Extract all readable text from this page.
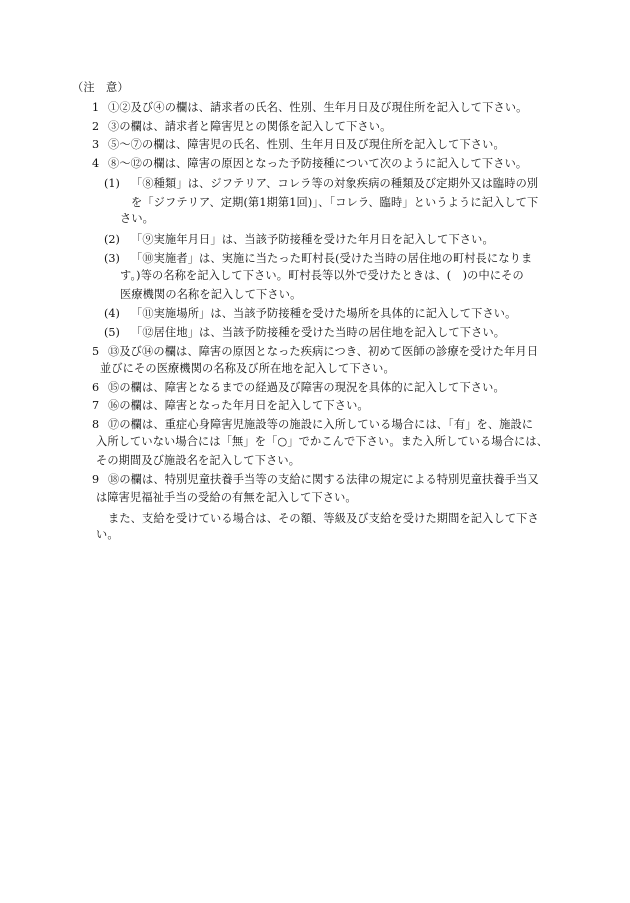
（注　意）
1 ①②及び④の欄は、請求者の氏名、性別、生年月日及び現住所を記入して下さい。
2 ③の欄は、請求者と障害児との関係を記入して下さい。
3 ⑤～⑦の欄は、障害児の氏名、性別、生年月日及び現住所を記入して下さい。
4 ⑧～⑫の欄は、障害の原因となった予防接種について次のように記入して下さい。
(1) 「⑧種類」は、ジフテリア、コレラ等の対象疾病の種類及び定期外又は臨時の別
を「ジフテリア、定期(第1期第1回)」、「コレラ、臨時」というように記入して下
さい。
(2) 「⑨実施年月日」は、当該予防接種を受けた年月日を記入して下さい。
(3) 「⑩実施者」は、実施に当たった町村長(受けた当時の居住地の町村長になりま
す。)等の名称を記入して下さい。町村長等以外で受けたときは、(　)の中にその
医療機関の名称を記入して下さい。
(4) 「⑪実施場所」は、当該予防接種を受けた場所を具体的に記入して下さい。
(5) 「⑫居住地」は、当該予防接種を受けた当時の居住地を記入して下さい。
5 ⑬及び⑭の欄は、障害の原因となった疾病につき、初めて医師の診療を受けた年月日
並びにその医療機関の名称及び所在地を記入して下さい。
6 ⑮の欄は、障害となるまでの経過及び障害の現況を具体的に記入して下さい。
7 ⑯の欄は、障害となった年月日を記入して下さい。
8 ⑰の欄は、重症心身障害児施設等の施設に入所している場合には、「有」を、施設に
入所していない場合には「無」を「○」でかこんで下さい。また入所している場合には、
その期間及び施設名を記入して下さい。
9 ⑱の欄は、特別児童扶養手当等の支給に関する法律の規定による特別児童扶養手当又
は障害児福祉手当の受給の有無を記入して下さい。
また、支給を受けている場合は、その額、等級及び支給を受けた期間を記入して下さ
い。
